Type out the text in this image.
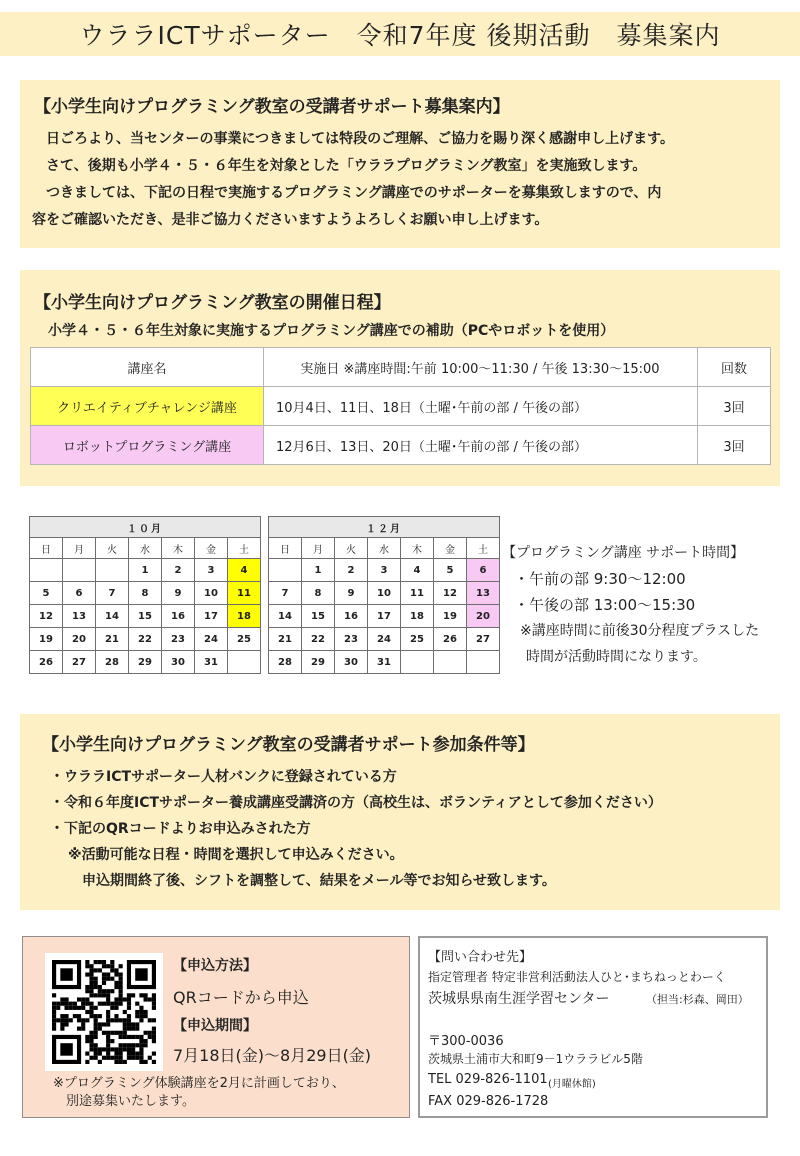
ウララICTサポーター　令和7年度 後期活動　募集案内
【小学生向けプログラミング教室の受講者サポート募集案内】

　日ごろより、当センターの事業につきましては特段のご理解、ご協力を賜り深く感謝申し上げます。

　さて、後期も小学４・５・６年生を対象とした「ウララプログラミング教室」を実施致します。

　つきましては、下記の日程で実施するプログラミング講座でのサポーターを募集致しますので、内

容をご確認いただき、是非ご協力くださいますようよろしくお願い申し上げます。

【小学生向けプログラミング教室の開催日程】
小学４・５・６年生対象に実施するプログラミング講座での補助（PCやロボットを使用）
講座名	実施日 ※講座時間:午前 10:00～11:30 / 午後 13:30～15:00	回数
クリエイティブチャレンジ講座	10月4日、11日、18日（土曜･午前の部 / 午後の部）	3回
ロボットプログラミング講座	12月6日、13日、20日（土曜･午前の部 / 午後の部）	3回
１０月						
日	月	火	水	木	金	土
			1	2	3	4
5	6	7	8	9	10	11
12	13	14	15	16	17	18
19	20	21	22	23	24	25
26	27	28	29	30	31	
１２月						
日	月	火	水	木	金	土
	1	2	3	4	5	6
7	8	9	10	11	12	13
14	15	16	17	18	19	20
21	22	23	24	25	26	27
28	29	30	31			
【プログラミング講座 サポート時間】
・午前の部 9:30～12:00
・午後の部 13:00～15:30
※講座時間に前後30分程度プラスした
時間が活動時間になります。
【小学生向けプログラミング教室の受講者サポート参加条件等】
・ウララICTサポーター人材バンクに登録されている方
・令和６年度ICTサポーター養成講座受講済の方（高校生は、ボランティアとして参加ください）
・下記のQRコードよりお申込みされた方
　※活動可能な日程・時間を選択して申込みください。
　　申込期間終了後、シフトを調整して、結果をメール等でお知らせ致します。
【申込方法】
QRコードから申込
【申込期間】
7月18日(金)～8月29日(金)
※プログラミング体験講座を2月に計画しており、
　別途募集いたします。
【問い合わせ先】
指定管理者 特定非営利活動法人ひと･まちねっとわーく
茨城県県南生涯学習センター	（担当:杉森、岡田）
〒300-0036
茨城県土浦市大和町9－1ウララビル5階
TEL 029-826-1101 (月曜休館)
FAX 029-826-1728
